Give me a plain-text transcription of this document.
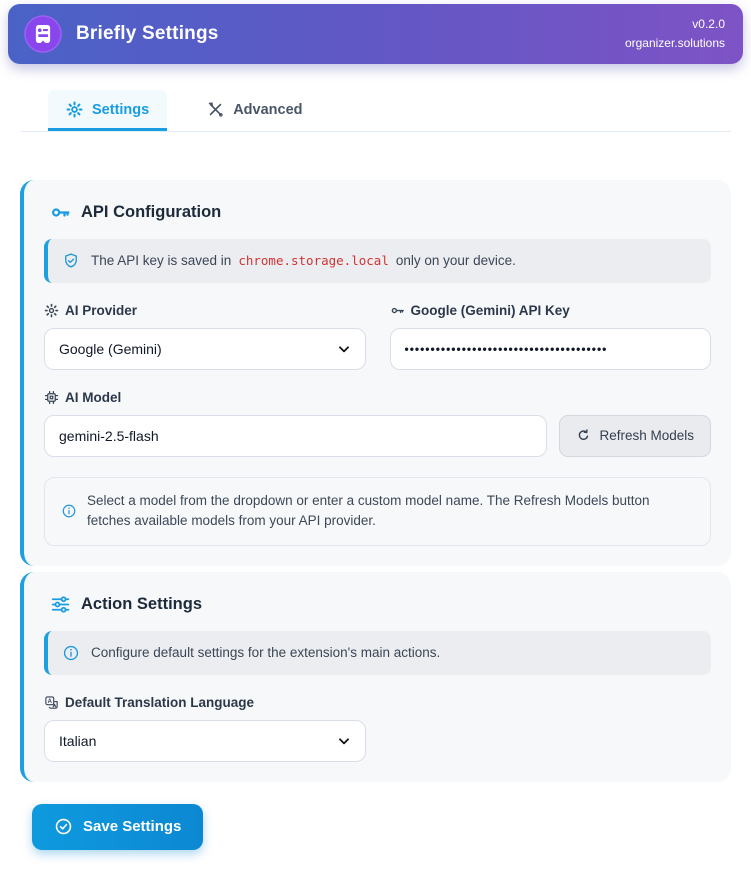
Briefly Settings	v0.2.0
organizer.solutions
Settings	Advanced
API Configuration
The API key is saved in chrome.storage.local only on your device.
AI Provider
Google (Gemini)
Google (Gemini) API Key
•••••••••••••••••••••••••••••••••••••••
AI Model
gemini-2.5-flash
Refresh Models
Select a model from the dropdown or enter a custom model name. The Refresh Models button fetches available models from your API provider.
Action Settings
Configure default settings for the extension's main actions.
A Default Translation Language
Italian
Save Settings
